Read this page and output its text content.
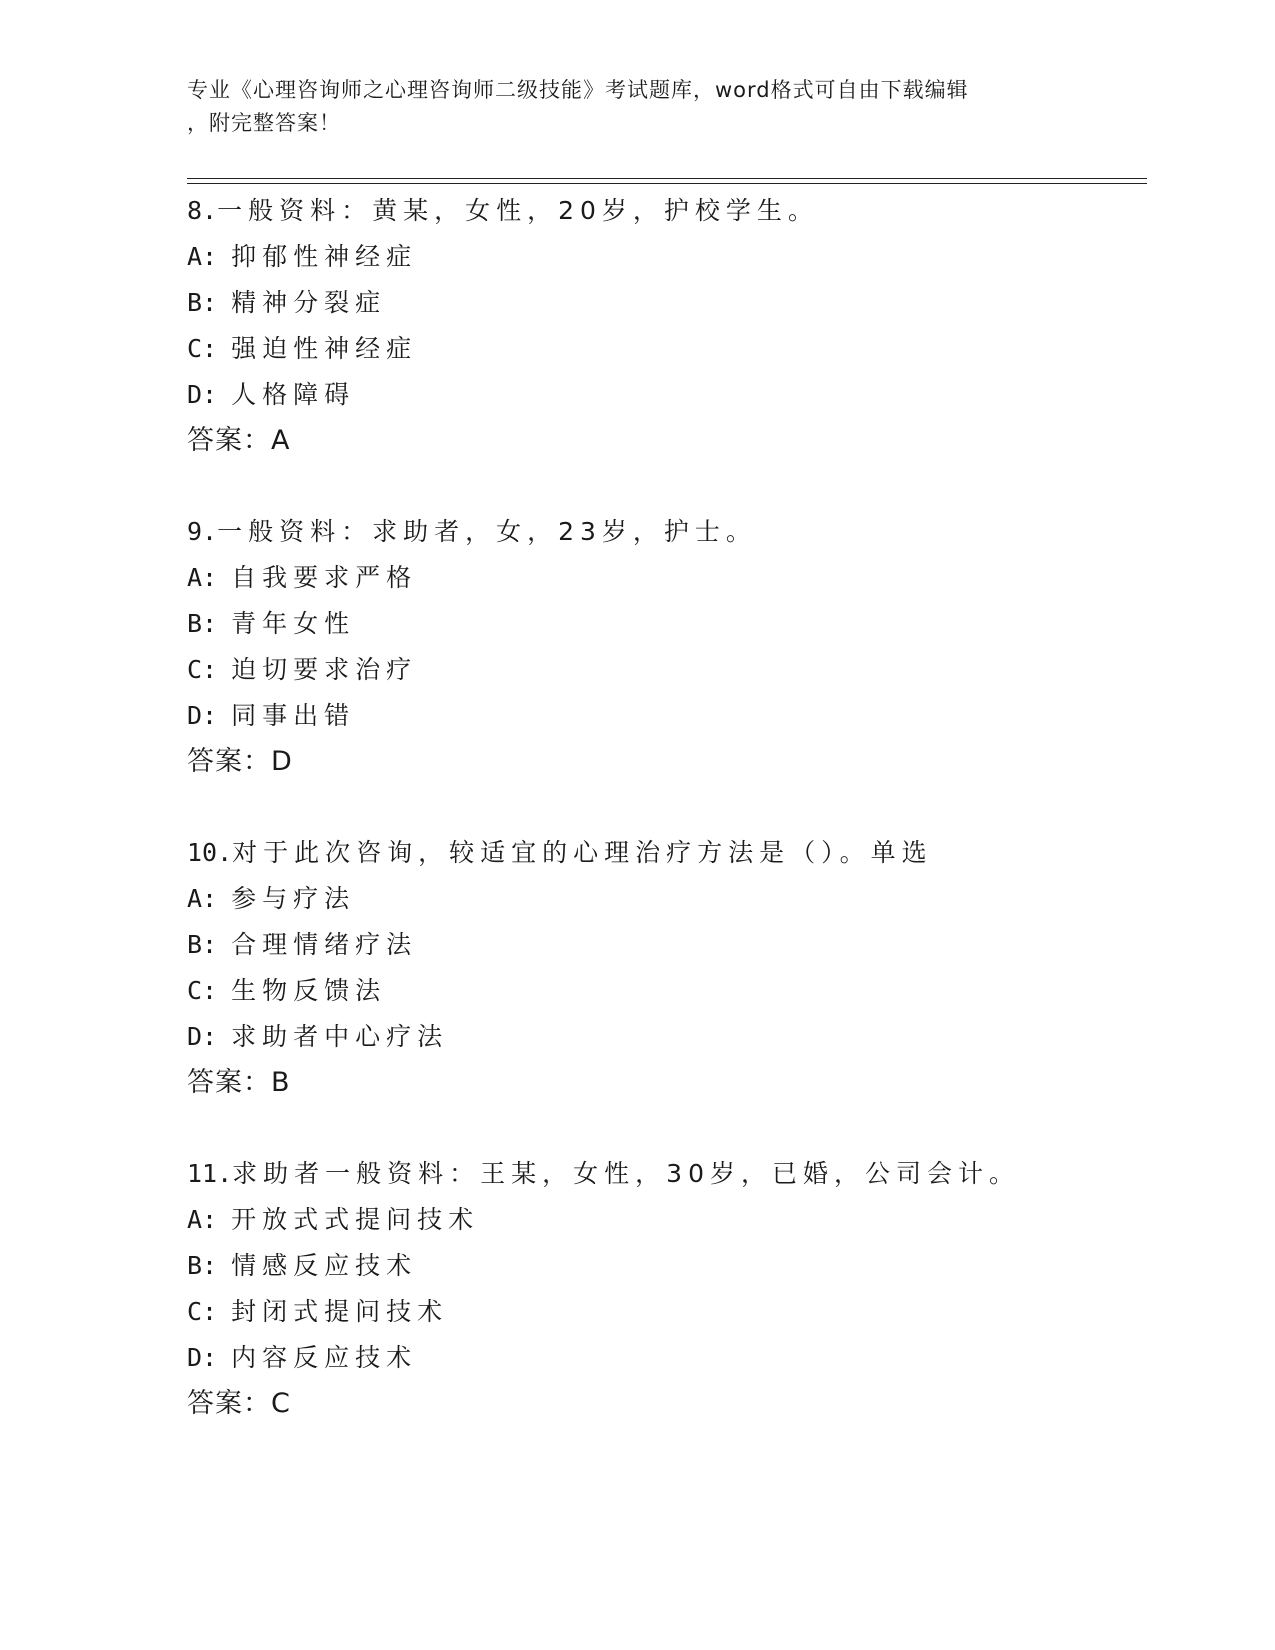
专业《心理咨询师之心理咨询师二级技能》考试题库，word格式可自由下载编辑
，附完整答案！
8.一般资料：黄某，女性，20岁，护校学生。
A: 抑郁性神经症
B: 精神分裂症
C: 强迫性神经症
D: 人格障碍
答案：A
9.一般资料：求助者，女，23岁，护士。
A: 自我要求严格
B: 青年女性
C: 迫切要求治疗
D: 同事出错
答案：D
10.对于此次咨询，较适宜的心理治疗方法是（）。单选
A: 参与疗法
B: 合理情绪疗法
C: 生物反馈法
D: 求助者中心疗法
答案：B
11.求助者一般资料：王某，女性，30岁，已婚，公司会计。
A: 开放式式提问技术
B: 情感反应技术
C: 封闭式提问技术
D: 内容反应技术
答案：C
